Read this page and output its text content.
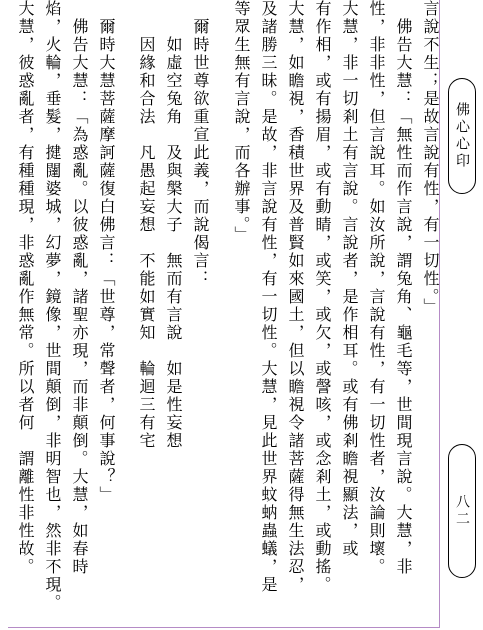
言說不生；是故言說有性，有一切性。」
　佛告大慧：「無性而作言說，謂兔角、龜毛等，世間現言說。大慧，非
性，非非性，但言說耳。如汝所說，言說有性，有一切性者，汝論則壞。
大慧，非一切剎土有言說。言說者，是作相耳。或有佛剎瞻視顯法，或
有作相，或有揚眉，或有動睛，或笑，或欠，或謦咳，或念剎土，或動搖。
大慧，如瞻視，香積世界及普賢如來國土，但以瞻視令諸菩薩得無生法忍，
及諸勝三昧。是故，非言說有性，有一切性。大慧，見此世界蚊蚋蟲蟻，是
等眾生無有言說，而各辦事。」
　爾時世尊欲重宣此義，而說偈言：
　　如虛空兔角　及與槃大子　無而有言說　如是性妄想
　　因緣和合法　凡愚起妄想　不能如實知　輪迴三有宅
　爾時大慧菩薩摩訶薩復白佛言：「世尊，常聲者，何事說？」
　佛告大慧：「為惑亂。以彼惑亂，諸聖亦現，而非顛倒。大慧，如春時
焰，火輪，垂髮，揵闥婆城，幻夢，鏡像，世間顛倒，非明智也，然非不現。
大慧，彼惑亂者，有種種現，非惑亂作無常。所以者何　謂離性非性故。	佛心心印
八二
